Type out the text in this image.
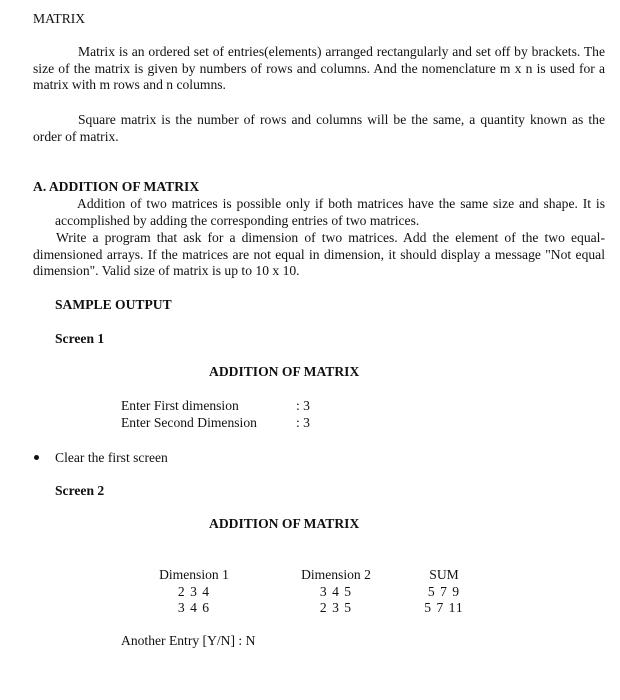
MATRIX
Matrix is an ordered set of entries(elements) arranged rectangularly and set off by brackets. The size of the matrix is given by numbers of rows and columns. And the nomenclature m x n is used for a matrix with m rows and n columns.
Square matrix is the number of rows and columns will be the same, a quantity known as the order of matrix.
A. ADDITION OF MATRIX
Addition of two matrices is possible only if both matrices have the same size and shape. It is accomplished by adding the corresponding entries of two matrices.
Write a program that ask for a dimension of two matrices. Add the element of the two equal-dimensioned arrays. If the matrices are not equal in dimension, it should display a message "Not equal dimension". Valid size of matrix is up to 10 x 10.
SAMPLE OUTPUT
Screen 1
ADDITION OF MATRIX
Enter First dimension	: 3
Enter Second Dimension	: 3
Clear the first screen
Screen 2
ADDITION OF MATRIX
Dimension 1
2 3 4
3 4 6
Dimension 2
3 4 5
2 3 5
SUM
5 7 9
5 7 11
Another Entry [Y/N] : N
